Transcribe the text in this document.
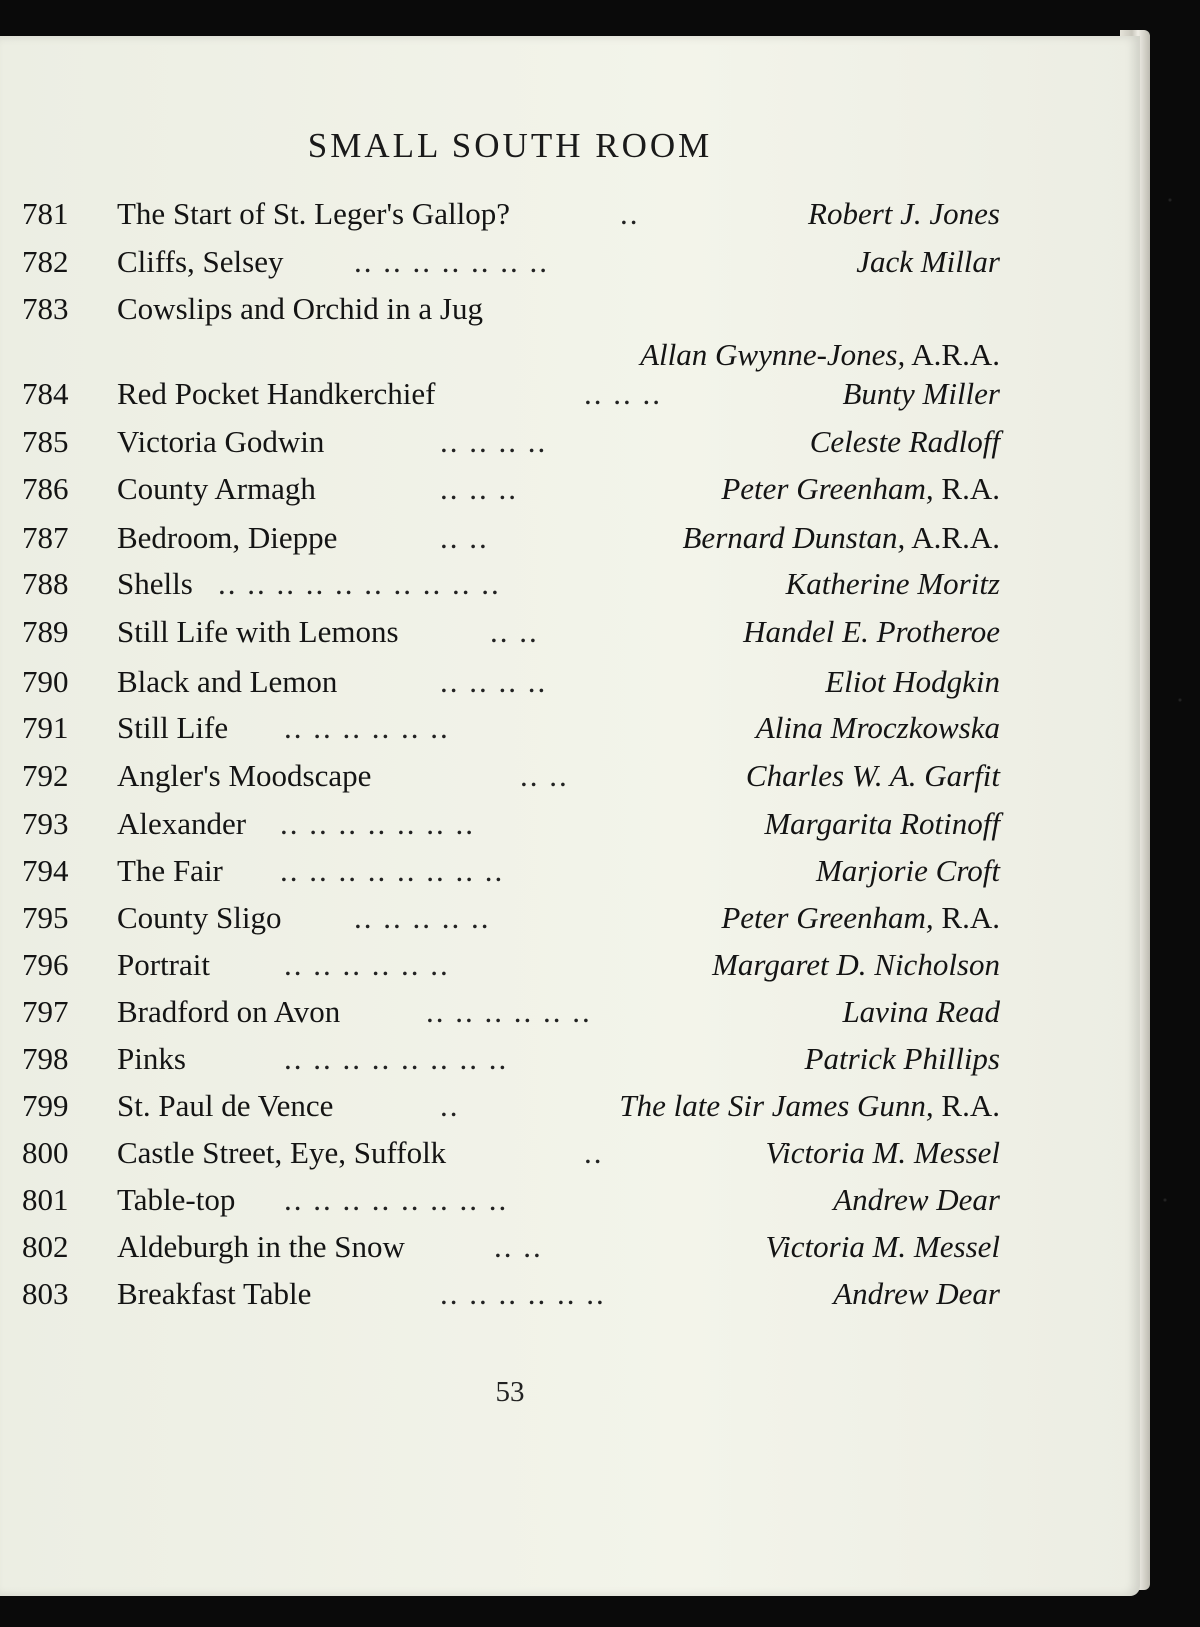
SMALL SOUTH ROOM
781	The Start of St. Leger's Gallop?	..	Robert J. Jones
782	Cliffs, Selsey .. .. .. .. .. .. ..	Jack Millar
783	Cowslips and Orchid in a Jug
Allan Gwynne-Jones, A.R.A.
784	Red Pocket Handkerchief	.. .. ..	Bunty Miller
785	Victoria Godwin	.. .. .. ..	Celeste Radloff
786	County Armagh	.. .. ..	Peter Greenham, R.A.
787	Bedroom, Dieppe	.. ..	Bernard Dunstan, A.R.A.
788	Shells .. .. .. .. .. .. .. .. .. ..	Katherine Moritz
789	Still Life with Lemons	.. ..	Handel E. Protheroe
790	Black and Lemon	.. .. .. ..	Eliot Hodgkin
791	Still Life .. .. .. .. .. ..	Alina Mroczkowska
792	Angler's Moodscape	.. ..	Charles W. A. Garfit
793	Alexander .. .. .. .. .. .. ..	Margarita Rotinoff
794	The Fair .. .. .. .. .. .. .. ..	Marjorie Croft
795	County Sligo .. .. .. .. ..	Peter Greenham, R.A.
796	Portrait .. .. .. .. .. ..	Margaret D. Nicholson
797	Bradford on Avon	.. .. .. .. .. ..	Lavina Read
798	Pinks	.. .. .. .. .. .. .. ..	Patrick Phillips
799	St. Paul de Vence	..	The late Sir James Gunn, R.A.
800	Castle Street, Eye, Suffolk	..	Victoria M. Messel
801	Table-top .. .. .. .. .. .. .. ..	Andrew Dear
802	Aldeburgh in the Snow	.. ..	Victoria M. Messel
803	Breakfast Table	.. .. .. .. .. ..	Andrew Dear
53
